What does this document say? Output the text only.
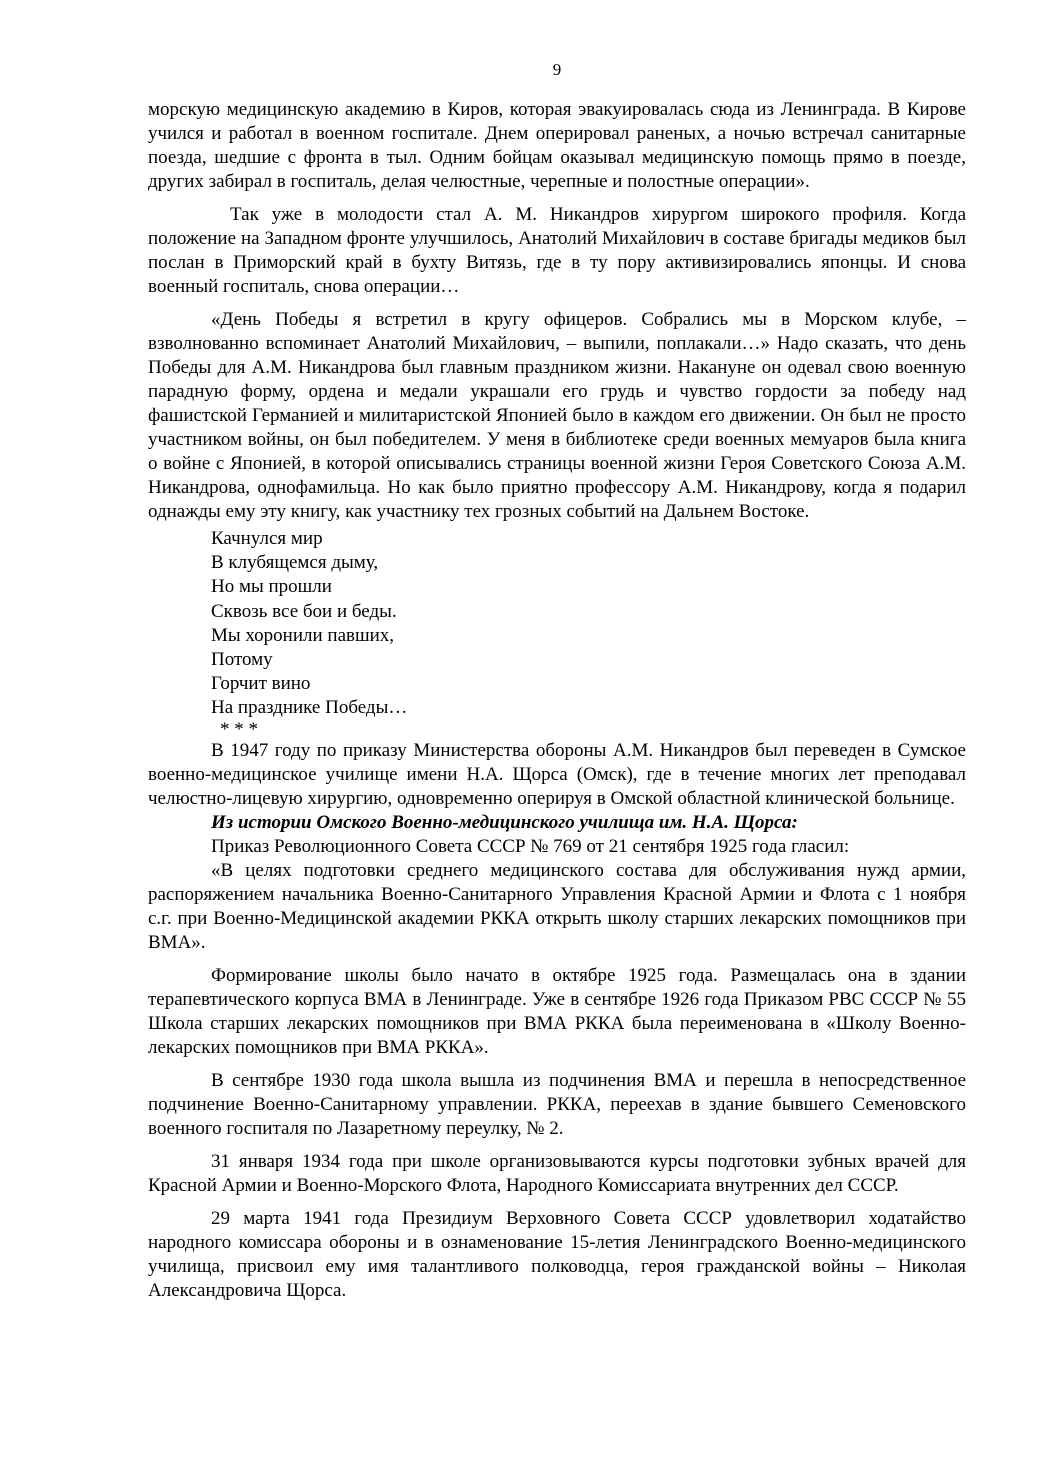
9

морскую медицинскую академию в Киров, которая эвакуировалась сюда из Ленинграда. В Кирове учился и работал в военном госпитале. Днем оперировал раненых, а ночью встречал санитарные поезда, шедшие с фронта в тыл. Одним бойцам оказывал медицинскую помощь прямо в поезде, других забирал в госпиталь, делая челюстные, черепные и полостные операции».

Так уже в молодости стал А. М. Никандров хирургом широкого профиля. Когда положение на Западном фронте улучшилось, Анатолий Михайлович в составе бригады медиков был послан в Приморский край в бухту Витязь, где в ту пору активизировались японцы. И снова военный госпиталь, снова операции…

«День Победы я встретил в кругу офицеров. Собрались мы в Морском клубе, – взволнованно вспоминает Анатолий Михайлович, – выпили, поплакали…» Надо сказать, что день Победы для А.М. Никандрова был главным праздником жизни. Накануне он одевал свою военную парадную форму, ордена и медали украшали его грудь и чувство гордости за победу над фашистской Германией и милитаристской Японией было в каждом его движении. Он был не просто участником войны, он был победителем. У меня в библиотеке среди военных мемуаров была книга о войне с Японией, в которой описывались страницы военной жизни Героя Советского Союза А.М. Никандрова, однофамильца. Но как было приятно профессору А.М. Никандрову, когда я подарил однажды ему эту книгу, как участнику тех грозных событий на Дальнем Востоке.

Качнулся мир
В клубящемся дыму,
Но мы прошли
Сквозь все бои и беды.
Мы хоронили павших,
Потому
Горчит вино
На празднике Победы…
* * *

В 1947 году по приказу Министерства обороны А.М. Никандров был переведен в Сумское военно-медицинское училище имени Н.А. Щорса (Омск), где в течение многих лет преподавал челюстно-лицевую хирургию, одновременно оперируя в Омской областной клинической больнице.

Из истории Омского Военно-медицинского училища им. Н.А. Щорса:

Приказ Революционного Совета СССР № 769 от 21 сентября 1925 года гласил:

«В целях подготовки среднего медицинского состава для обслуживания нужд армии, распоряжением начальника Военно-Санитарного Управления Красной Армии и Флота с 1 ноября с.г. при Военно-Медицинской академии РККА открыть школу старших лекарских помощников при ВМА».

Формирование школы было начато в октябре 1925 года. Размещалась она в здании терапевтического корпуса ВМА в Ленинграде. Уже в сентябре 1926 года Приказом РВС СССР № 55 Школа старших лекарских помощников при ВМА РККА была переименована в «Школу Военно-лекарских помощников при ВМА РККА».

В сентябре 1930 года школа вышла из подчинения ВМА и перешла в непосредственное подчинение Военно-Санитарному управлении. РККА, переехав в здание бывшего Семеновского военного госпиталя по Лазаретному переулку, № 2.

31 января 1934 года при школе организовываются курсы подготовки зубных врачей для Красной Армии и Военно-Морского Флота, Народного Комиссариата внутренних дел СССР.

29 марта 1941 года Президиум Верховного Совета СССР удовлетворил ходатайство народного комиссара обороны и в ознаменование 15-летия Ленинградского Военно-медицинского училища, присвоил ему имя талантливого полководца, героя гражданской войны – Николая Александровича Щорса.
